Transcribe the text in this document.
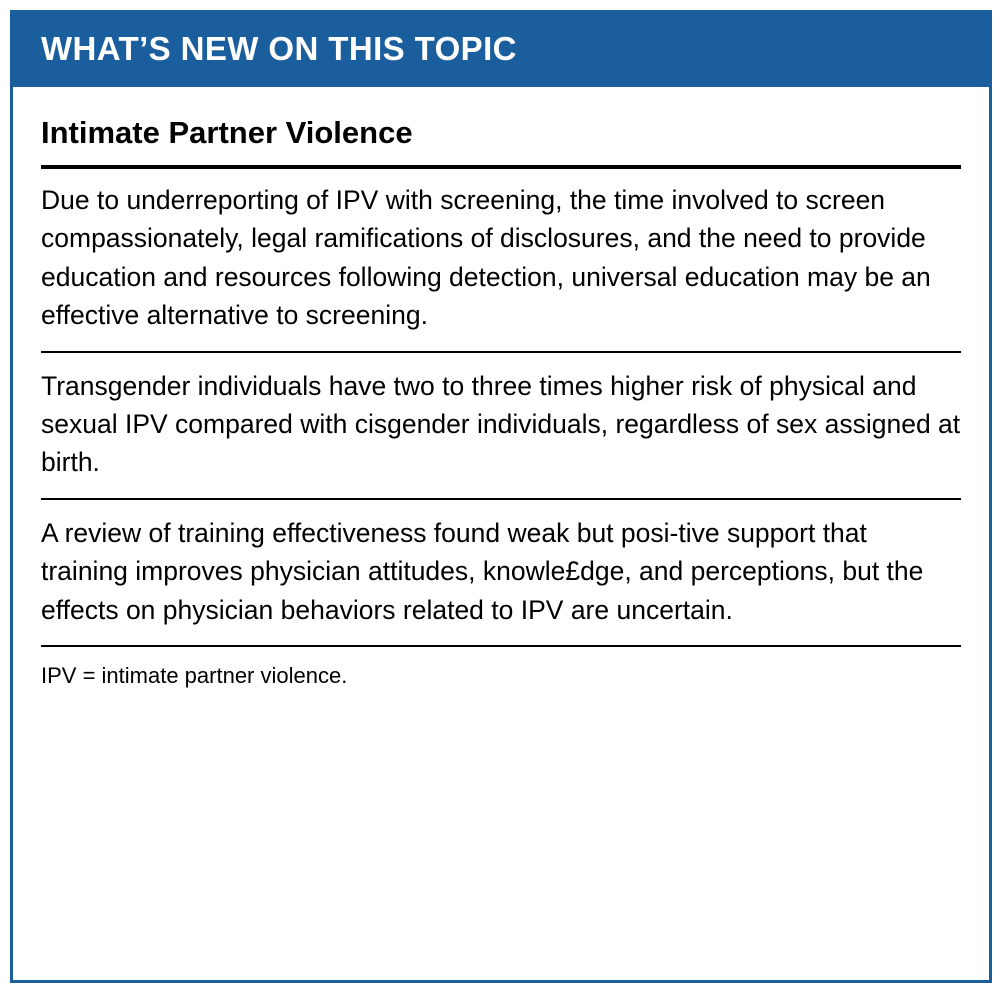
WHAT’S NEW ON THIS TOPIC
Intimate Partner Violence

Due to underreporting of IPV with screening, the time involved to screen compassionately, legal ramifications of disclosures, and the need to provide education and resources following detection, universal education may be an effective alternative to screening.

Transgender individuals have two to three times higher risk of physical and sexual IPV compared with cisgender individuals, regardless of sex assigned at birth.

A review of training effectiveness found weak but posi-tive support that training improves physician attitudes, knowle£dge, and perceptions, but the effects on physician behaviors related to IPV are uncertain.

IPV = intimate partner violence.
